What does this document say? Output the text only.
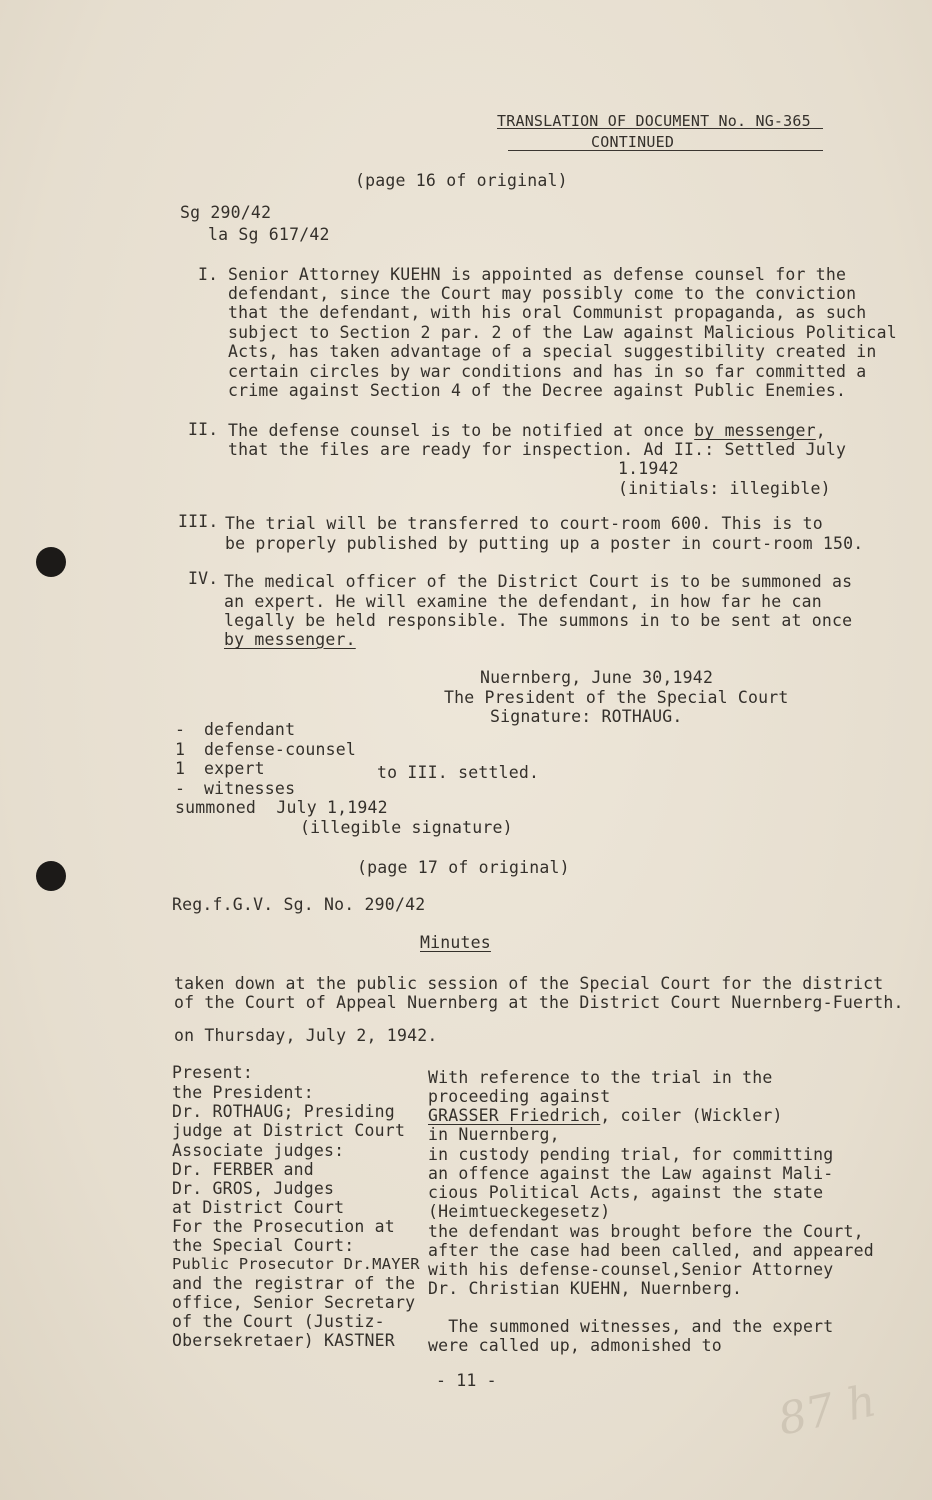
TRANSLATION OF DOCUMENT No. NG-365
CONTINUED
(page 16 of original)
Sg 290/42
la Sg 617/42
I. Senior Attorney KUEHN is appointed as defense counsel for the
defendant, since the Court may possibly come to the conviction
that the defendant, with his oral Communist propaganda, as such
subject to Section 2 par. 2 of the Law against Malicious Political
Acts, has taken advantage of a special suggestibility created in
certain circles by war conditions and has in so far committed a
crime against Section 4 of the Decree against Public Enemies.
II. The defense counsel is to be notified at once by messenger,
that the files are ready for inspection. Ad II.: Settled July
1.1942
(initials: illegible)
III. The trial will be transferred to court-room 600. This is to
be properly published by putting up a poster in court-room 150.
IV. The medical officer of the District Court is to be summoned as
an expert. He will examine the defendant, in how far he can
legally be held responsible. The summons in to be sent at once
by messenger.
Nuernberg, June 30,1942
The President of the Special Court
Signature: ROTHAUG.
- defendant
1 defense-counsel
1 expert	to III. settled.
- witnesses
summoned  July 1,1942
(illegible signature)
(page 17 of original)
Reg.f.G.V. Sg. No. 290/42
Minutes
taken down at the public session of the Special Court for the district
of the Court of Appeal Nuernberg at the District Court Nuernberg-Fuerth.
on Thursday, July 2, 1942.
Present:
the President:
Dr. ROTHAUG; Presiding
judge at District Court
Associate judges:
Dr. FERBER and
Dr. GROS, Judges
at District Court
For the Prosecution at
the Special Court:
Public Prosecutor Dr.MAYER
and the registrar of the
office, Senior Secretary
of the Court (Justiz-
Obersekretaer) KASTNER
With reference to the trial in the
proceeding against
GRASSER Friedrich, coiler (Wickler)
in Nuernberg,
in custody pending trial, for committing
an offence against the Law against Mali-
cious Political Acts, against the state
(Heimtueckegesetz)
the defendant was brought before the Court,
after the case had been called, and appeared
with his defense-counsel,Senior Attorney
Dr. Christian KUEHN, Nuernberg.
The summoned witnesses, and the expert
were called up, admonished to
- 11 -	87 h
